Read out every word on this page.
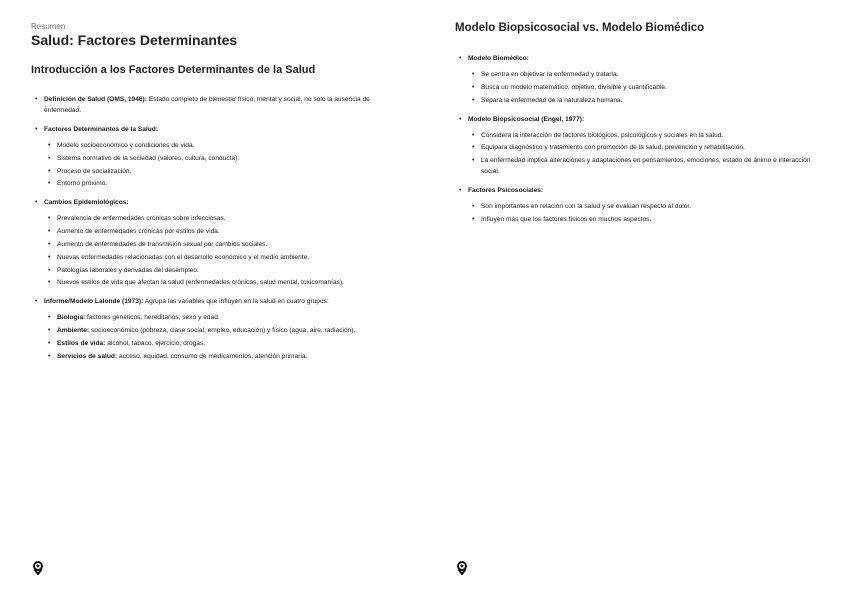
Resumen
Salud: Factores Determinantes
Introducción a los Factores Determinantes de la Salud
• Definición de Salud (OMS, 1946): Estado completo de bienestar físico, mental y social, no solo la ausencia de enfermedad.
• Factores Determinantes de la Salud:
• Modelo socioeconómico y condiciones de vida.
• Sistema normativo de la sociedad (valores, cultura, conducta).
• Proceso de socialización.
• Entorno próximo.
• Cambios Epidemiológicos:
• Prevalencia de enfermedades crónicas sobre infecciosas.
• Aumento de enfermedades crónicas por estilos de vida.
• Aumento de enfermedades de transmisión sexual por cambios sociales.
• Nuevas enfermedades relacionadas con el desarrollo económico y el medio ambiente.
• Patologías laborales y derivadas del desempleo.
• Nuevos estilos de vida que afectan la salud (enfermedades crónicas, salud mental, toxicomanías).
• Informe/Modelo Lalonde (1973): Agrupa las variables que influyen en la salud en cuatro grupos:
• Biología: factores genéticos, hereditarios, sexo y edad.
• Ambiente: socioeconómico (pobreza, clase social, empleo, educación) y físico (agua, aire, radiación).
• Estilos de vida: alcohol, tabaco, ejercicio, drogas.
• Servicios de salud: acceso, equidad, consumo de medicamentos, atención primaria.
Modelo Biopsicosocial vs. Modelo Biomédico
• Modelo Biomédico:
• Se centra en objetivar la enfermedad y tratarla.
• Busca un modelo matemático, objetivo, divisible y cuantificable.
• Separa la enfermedad de la naturaleza humana.
• Modelo Biopsicosocial (Engel, 1977):
• Considera la interacción de factores biológicos, psicológicos y sociales en la salud.
• Equipara diagnóstico y tratamiento con promoción de la salud, prevención y rehabilitación.
• La enfermedad implica alteraciones y adaptaciones en pensamientos, emociones, estado de ánimo e interacción social.
• Factores Psicosociales:
• Son importantes en relación con la salud y se evalúan respecto al dolor.
• Influyen más que los factores físicos en muchos aspectos.
